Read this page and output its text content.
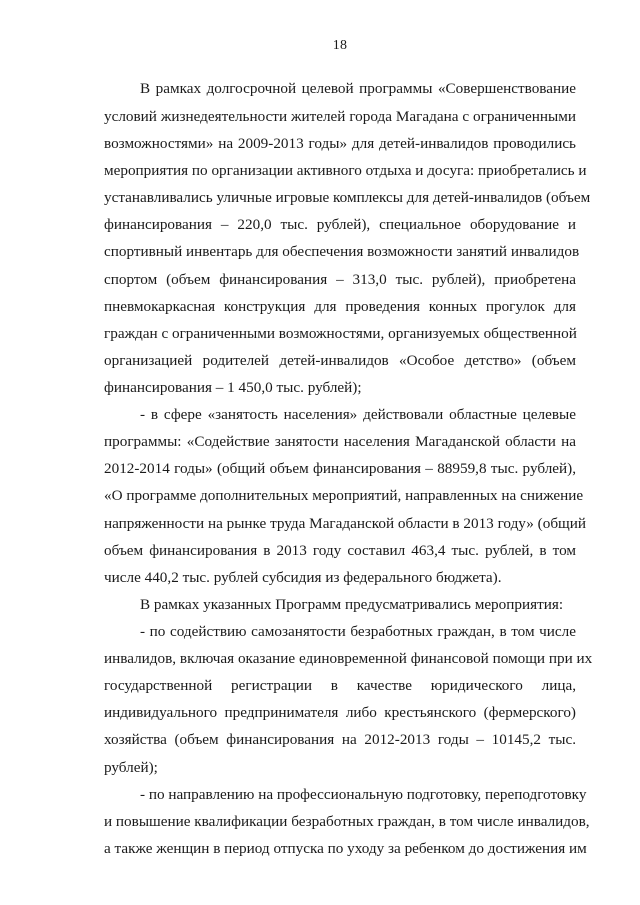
18
В рамках долгосрочной целевой программы «Совершенствование
условий жизнедеятельности жителей города Магадана с ограниченными
возможностями» на 2009-2013 годы» для детей-инвалидов проводились
мероприятия по организации активного отдыха и досуга: приобретались и
устанавливались уличные игровые комплексы для детей-инвалидов (объем
финансирования – 220,0 тыс. рублей), специальное оборудование и
спортивный инвентарь для обеспечения возможности занятий инвалидов
спортом (объем финансирования – 313,0 тыс. рублей), приобретена
пневмокаркасная конструкция для проведения конных прогулок для
граждан с ограниченными возможностями, организуемых общественной
организацией родителей детей-инвалидов «Особое детство» (объем
финансирования – 1 450,0 тыс. рублей);
- в сфере «занятость населения» действовали областные целевые
программы: «Содействие занятости населения Магаданской области на
2012-2014 годы» (общий объем финансирования – 88959,8 тыс. рублей),
«О программе дополнительных мероприятий, направленных на снижение
напряженности на рынке труда Магаданской области в 2013 году» (общий
объем финансирования в 2013 году составил 463,4 тыс. рублей, в том
числе 440,2 тыс. рублей субсидия из федерального бюджета).
В рамках указанных Программ предусматривались мероприятия:
- по содействию самозанятости безработных граждан, в том числе
инвалидов, включая оказание единовременной финансовой помощи при их
государственной регистрации в качестве юридического лица,
индивидуального предпринимателя либо крестьянского (фермерского)
хозяйства (объем финансирования на 2012-2013 годы – 10145,2 тыс.
рублей);
- по направлению на профессиональную подготовку, переподготовку
и повышение квалификации безработных граждан, в том числе инвалидов,
а также женщин в период отпуска по уходу за ребенком до достижения им
